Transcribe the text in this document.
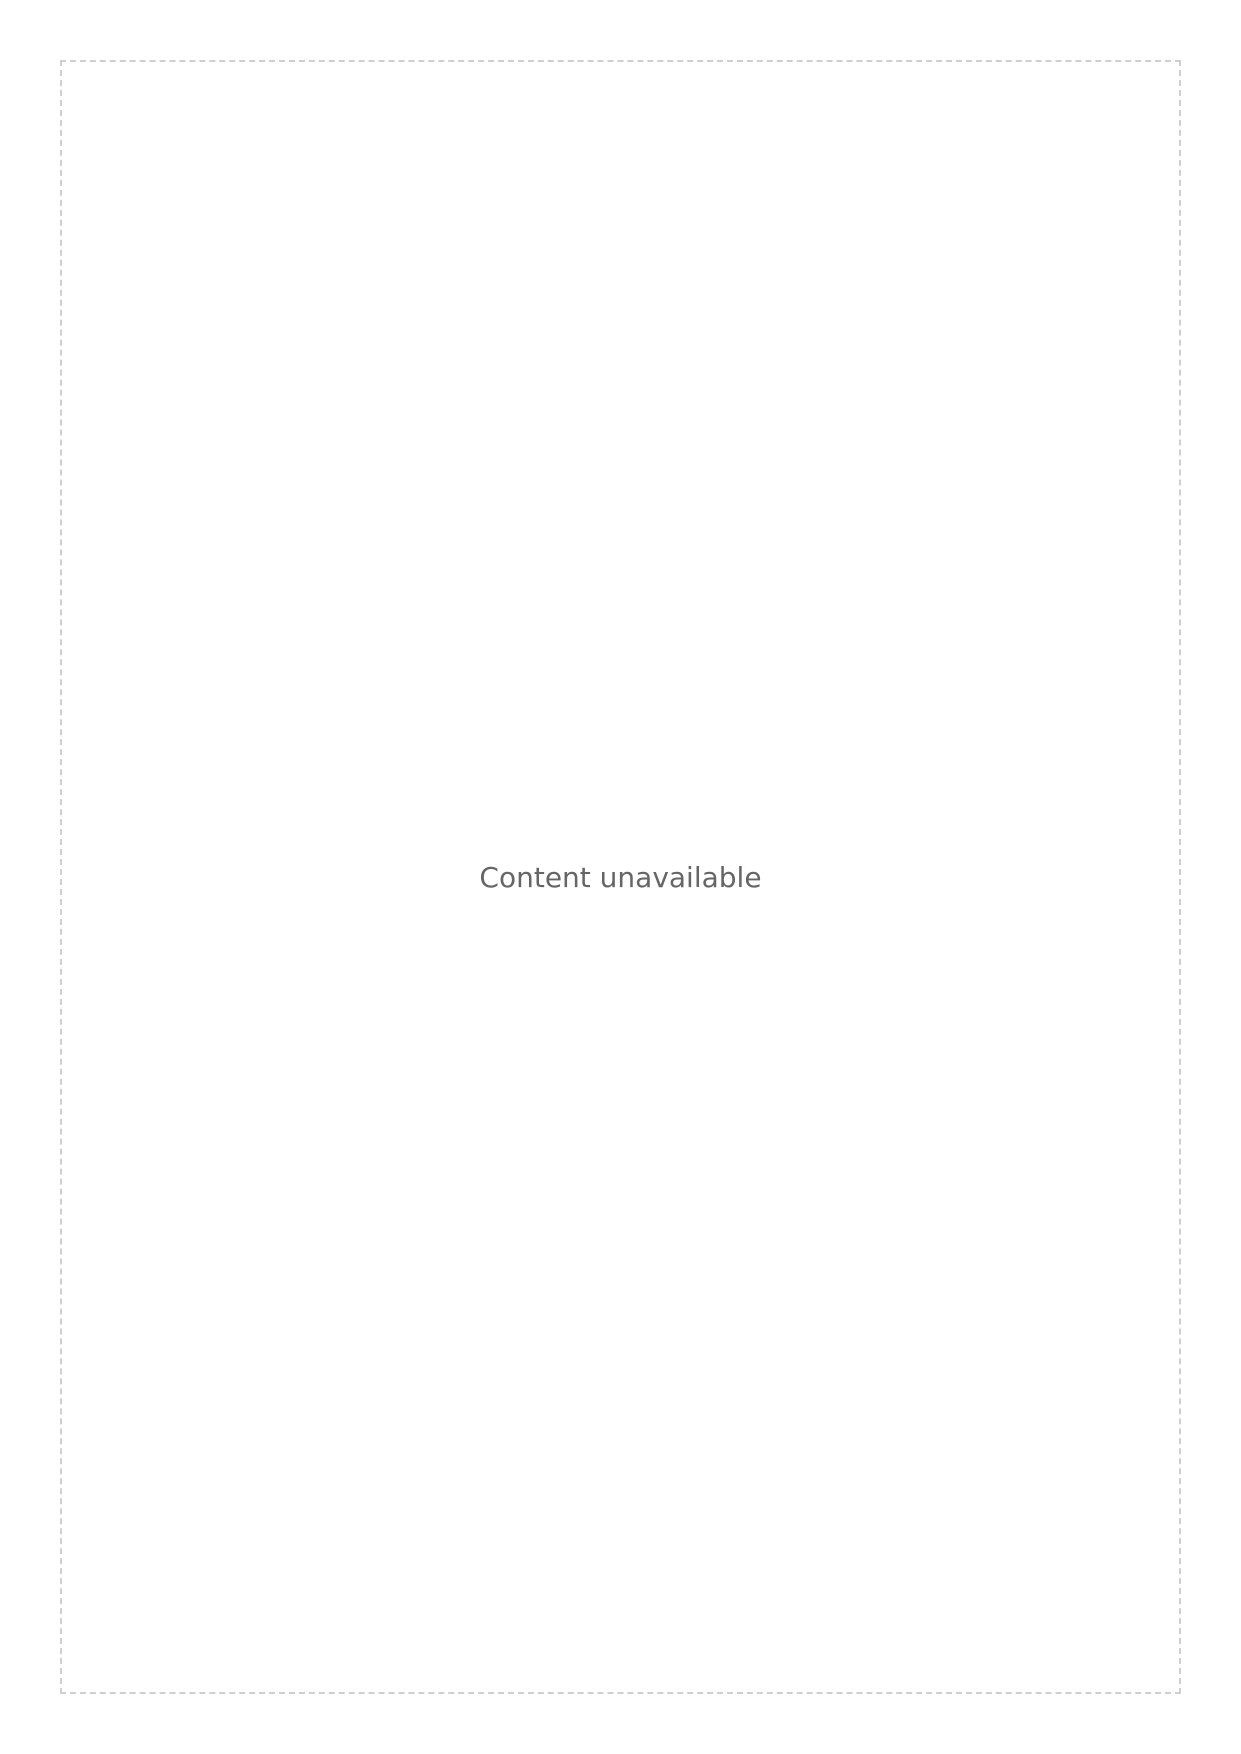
Content unavailable
